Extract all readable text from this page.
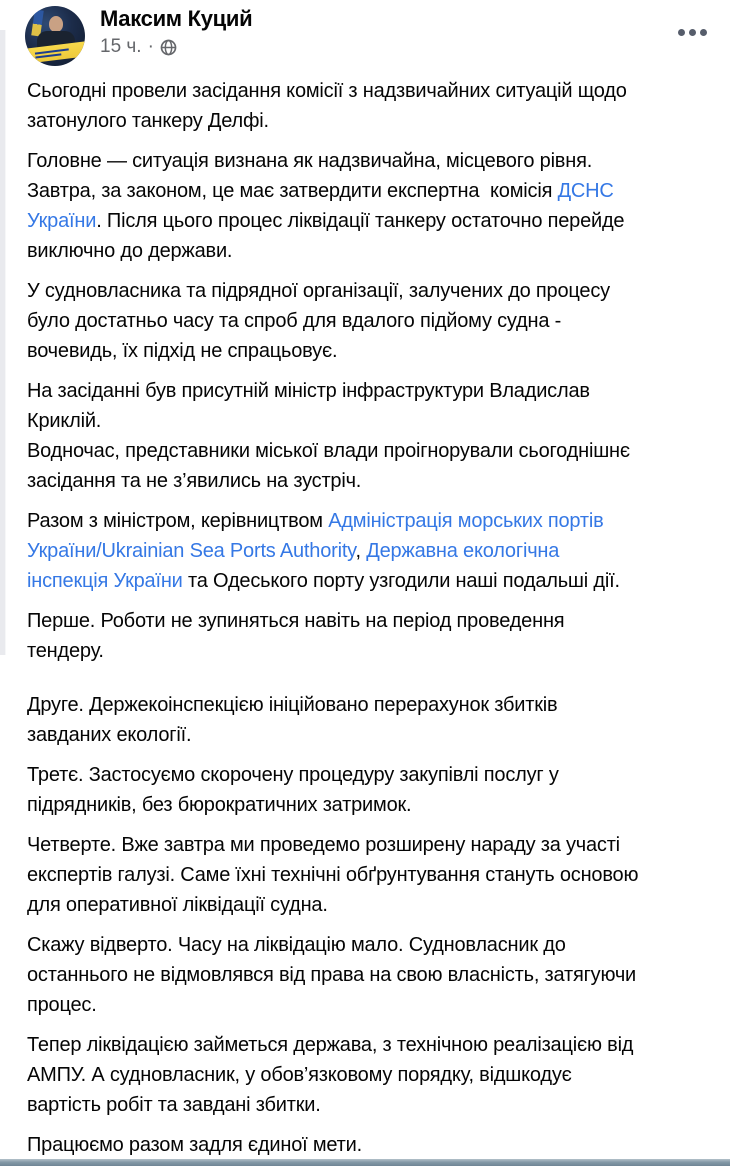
Максим Куций
15 ч. ·
Сьогодні провели засідання комісії з надзвичайних ситуацій щодо
затонулого танкеру Делфі.
Головне — ситуація визнана як надзвичайна, місцевого рівня.
Завтра, за законом, це має затвердити експертна  комісія ДСНС
України. Після цього процес ліквідації танкеру остаточно перейде
виключно до держави.
У судновласника та підрядної організації, залучених до процесу
було достатньо часу та спроб для вдалого підйому судна -
вочевидь, їх підхід не спрацьовує.
На засіданні був присутній міністр інфраструктури Владислав
Криклій.
Водночас, представники міської влади проігнорували сьогоднішнє
засідання та не з’явились на зустріч.
Разом з міністром, керівництвом Адміністрація морських портів
України/Ukrainian Sea Ports Authority, Державна екологічна
інспекція України та Одеського порту узгодили наші подальші дії.
Перше. Роботи не зупиняться навіть на період проведення
тендеру.
Друге. Держекоінспекцією ініційовано перерахунок збитків
завданих екології.
Третє. Застосуємо скорочену процедуру закупівлі послуг у
підрядників, без бюрократичних затримок.
Четверте. Вже завтра ми проведемо розширену нараду за участі
експертів галузі. Саме їхні технічні обґрунтування стануть основою
для оперативної ліквідації судна.
Скажу відверто. Часу на ліквідацію мало. Судновласник до
останнього не відмовлявся від права на свою власність, затягуючи
процес.
Тепер ліквідацією займеться держава, з технічною реалізацією від
АМПУ. А судновласник, у обов’язковому порядку, відшкодує
вартість робіт та завдані збитки.
Працюємо разом задля єдиної мети.
